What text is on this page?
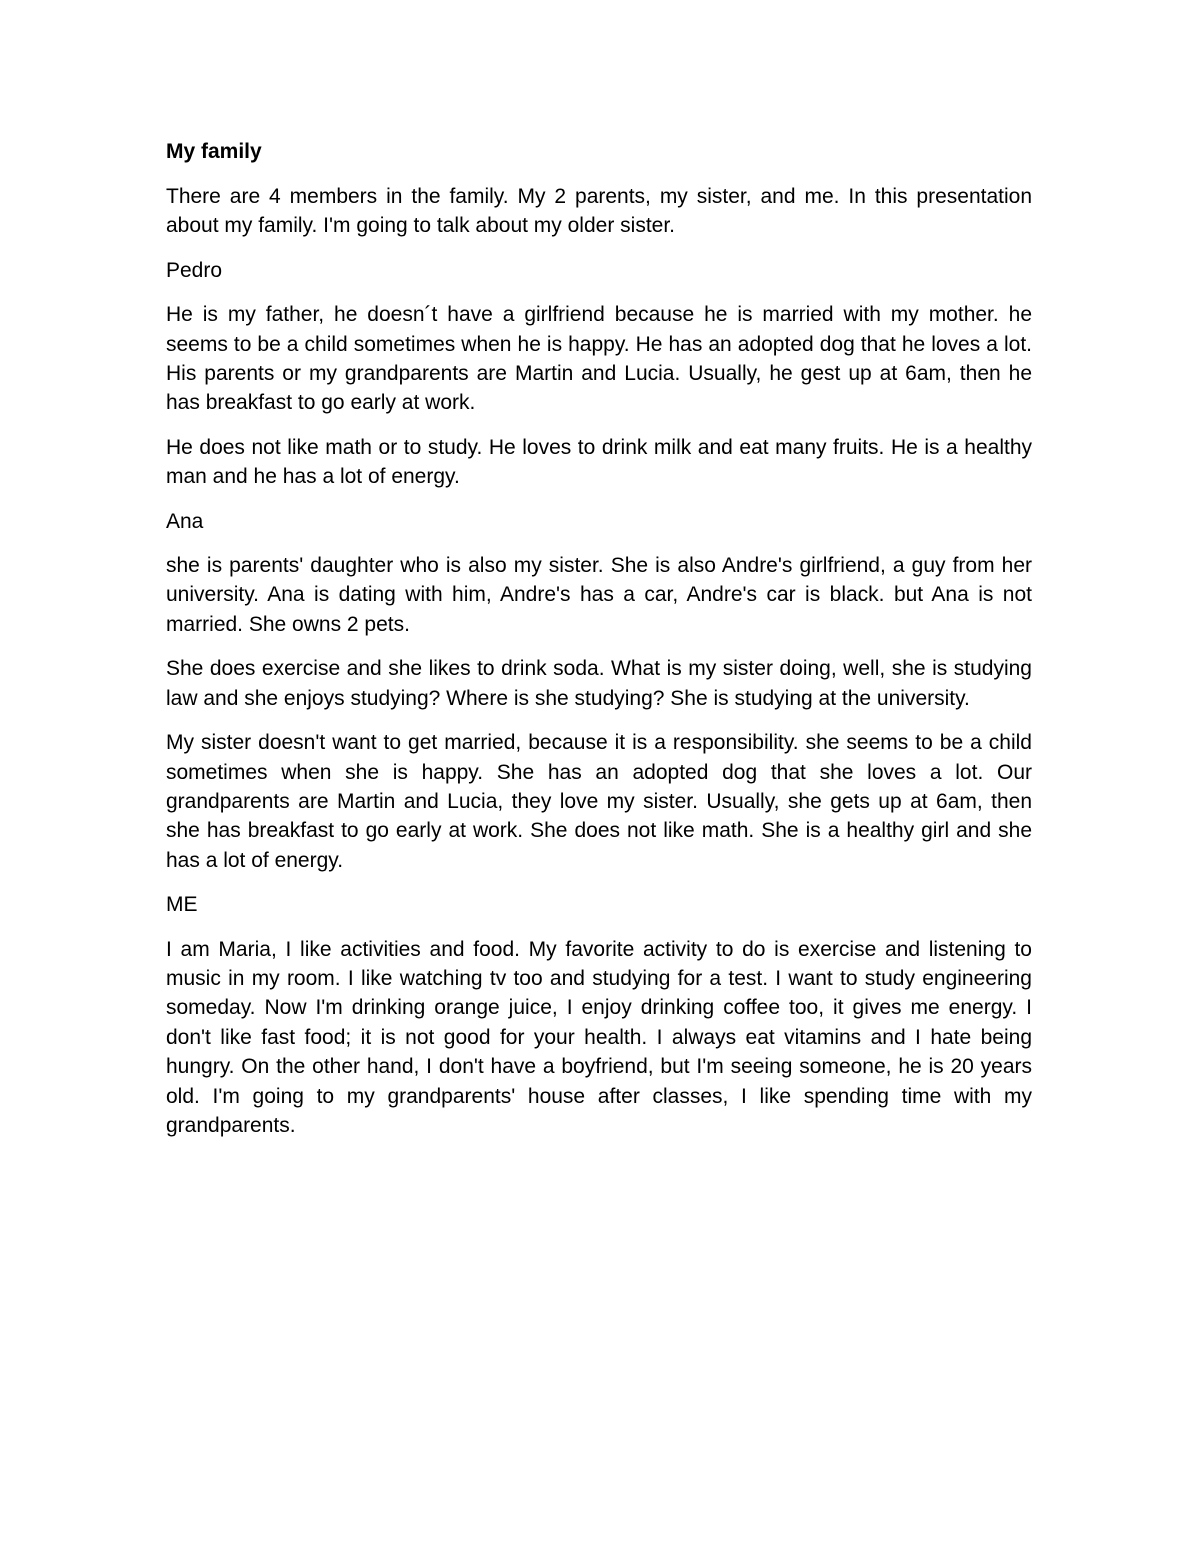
My family

There are 4 members in the family. My 2 parents, my sister, and me. In this presentation about my family. I'm going to talk about my older sister.

Pedro

He is my father, he doesn´t have a girlfriend because he is married with my mother. he seems to be a child sometimes when he is happy. He has an adopted dog that he loves a lot. His parents or my grandparents are Martin and Lucia. Usually, he gest up at 6am, then he has breakfast to go early at work.

He does not like math or to study. He loves to drink milk and eat many fruits. He is a healthy man and he has a lot of energy.

Ana

she is parents' daughter who is also my sister. She is also Andre's girlfriend, a guy from her university. Ana is dating with him, Andre's has a car, Andre's car is black. but Ana is not married. She owns 2 pets.

She does exercise and she likes to drink soda. What is my sister doing, well, she is studying law and she enjoys studying? Where is she studying? She is studying at the university.

My sister doesn't want to get married, because it is a responsibility. she seems to be a child sometimes when she is happy. She has an adopted dog that she loves a lot. Our grandparents are Martin and Lucia, they love my sister. Usually, she gets up at 6am, then she has breakfast to go early at work. She does not like math. She is a healthy girl and she has a lot of energy.

ME

I am Maria, I like activities and food. My favorite activity to do is exercise and listening to music in my room. I like watching tv too and studying for a test. I want to study engineering someday. Now I'm drinking orange juice, I enjoy drinking coffee too, it gives me energy. I don't like fast food; it is not good for your health. I always eat vitamins and I hate being hungry. On the other hand, I don't have a boyfriend, but I'm seeing someone, he is 20 years old. I'm going to my grandparents' house after classes, I like spending time with my grandparents.
